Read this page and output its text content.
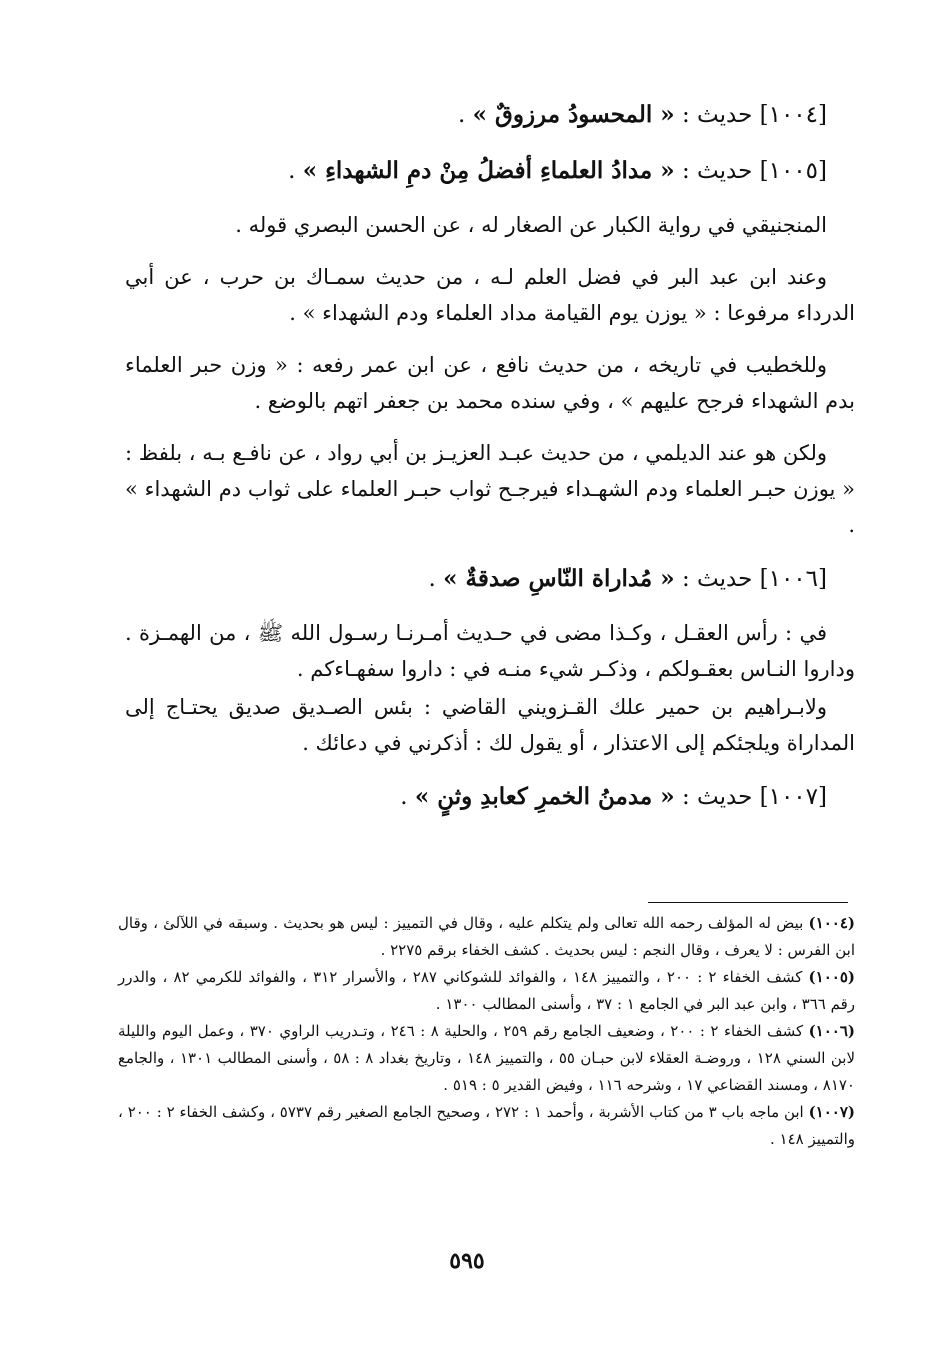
[١٠٠٤] حديث : « المحسودُ مرزوقٌ » .

[١٠٠٥] حديث : « مدادُ العلماءِ أفضلُ مِنْ دمِ الشهداءِ » .

المنجنيقي في رواية الكبار عن الصغار له ، عن الحسن البصري قوله .

وعند ابن عبد البر في فضل العلم لـه ، من حديث سمـاك بن حرب ، عن أبي الدرداء مرفوعا : « يوزن يوم القيامة مداد العلماء ودم الشهداء » .

وللخطيب في تاريخه ، من حديث نافع ، عن ابن عمر رفعه : « وزن حبر العلماء بدم الشهداء فرجح عليهم » ، وفي سنده محمد بن جعفر اتهم بالوضع .

ولكن هو عند الديلمي ، من حديث عبـد العزيـز بن أبي رواد ، عن نافـع بـه ، بلفظ : « يوزن حبـر العلماء ودم الشهـداء فيرجـح ثواب حبـر العلماء على ثواب دم الشهداء » .

[١٠٠٦] حديث : « مُداراة النّاسِ صدقةٌ » .

في : رأس العقـل ، وكـذا مضى في حـديث أمـرنـا رسـول الله ﷺ ، من الهمـزة . وداروا النـاس بعقـولكم ، وذكـر شيء منـه في : داروا سفهـاءكم .

ولابـراهيم بن حمير علك القـزويني القاضي : بئس الصـديق صديق يحتـاج إلى المداراة ويلجئكم إلى الاعتذار ، أو يقول لك : أذكرني في دعائك .

[١٠٠٧] حديث : « مدمنُ الخمرِ كعابدِ وثنٍ » .

(١٠٠٤) بيض له المؤلف رحمه الله تعالى ولم يتكلم عليه ، وقال في التمييز : ليس هو بحديث . وسبقه في اللآلئ ، وقال ابن الفرس : لا يعرف ، وقال النجم : ليس بحديث . كشف الخفاء برقم ٢٢٧٥ .

(١٠٠٥) كشف الخفاء ٢ : ٢٠٠ ، والتمييز ١٤٨ ، والفوائد للشوكاني ٢٨٧ ، والأسرار ٣١٢ ، والفوائد للكرمي ٨٢ ، والدرر رقم ٣٦٦ ، وابن عبد البر في الجامع ١ : ٣٧ ، وأسنى المطالب ١٣٠٠ .

(١٠٠٦) كشف الخفاء ٢ : ٢٠٠ ، وضعيف الجامع رقم ٢٥٩ ، والحلية ٨ : ٢٤٦ ، وتـدريب الراوي ٣٧٠ ، وعمل اليوم والليلة لابن السني ١٢٨ ، وروضـة العقلاء لابن حبـان ٥٥ ، والتمييز ١٤٨ ، وتاريخ بغداد ٨ : ٥٨ ، وأسنى المطالب ١٣٠١ ، والجامع ٨١٧٠ ، ومسند القضاعي ١٧ ، وشرحه ١١٦ ، وفيض القدير ٥ : ٥١٩ .

(١٠٠٧) ابن ماجه باب ٣ من كتاب الأشربة ، وأحمد ١ : ٢٧٢ ، وصحيح الجامع الصغير رقم ٥٧٣٧ ، وكشف الخفاء ٢ : ٢٠٠ ، والتمييز ١٤٨ .

٥٩٥
